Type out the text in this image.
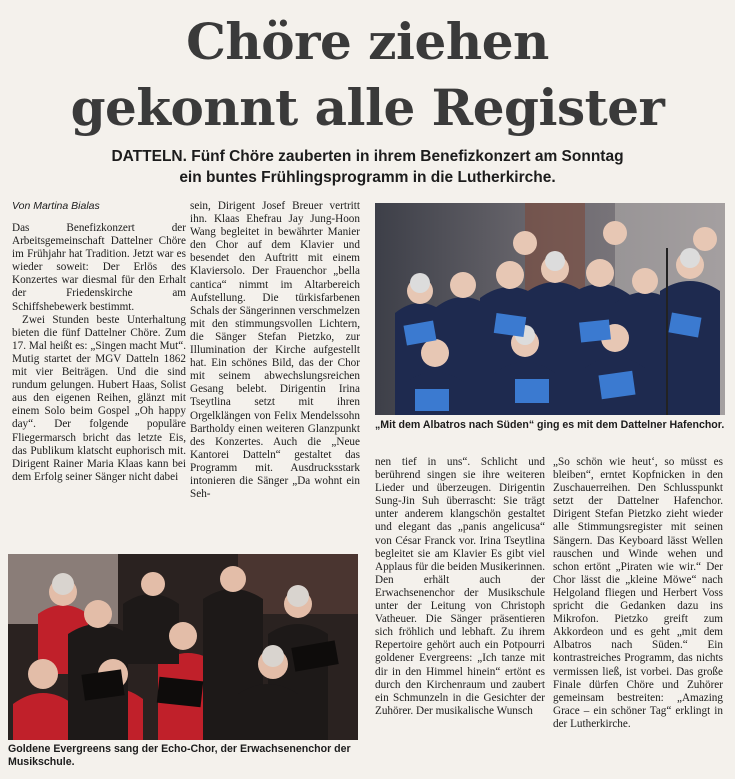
Chöre ziehen
gekonnt alle Register
DATTELN. Fünf Chöre zauberten in ihrem Benefizkonzert am Sonntag
ein buntes Frühlingsprogramm in die Lutherkirche.
Von Martina Bialas

Das Benefizkonzert der Arbeitsgemeinschaft Dattelner Chöre im Frühjahr hat Tradition. Jetzt war es wieder soweit: Der Erlös des Konzertes war diesmal für den Erhalt der Friedenskirche am Schiffshebewerk bestimmt.

Zwei Stunden beste Unterhaltung bieten die fünf Dattelner Chöre. Zum 17. Mal heißt es: „Singen macht Mut“. Mutig startet der MGV Datteln 1862 mit vier Beiträgen. Und die sind rundum gelungen. Hubert Haas, Solist aus den eigenen Reihen, glänzt mit einem Solo beim Gospel „Oh happy day“. Der folgende populäre Fliegermarsch bricht das letzte Eis, das Publikum klatscht euphorisch mit. Dirigent Rainer Maria Klaas kann bei dem Erfolg seiner Sänger nicht dabei

sein, Dirigent Josef Breuer vertritt ihn. Klaas Ehefrau Jay Jung-Hoon Wang begleitet in bewährter Manier den Chor auf dem Klavier und besendet den Auftritt mit einem Klaviersolo. Der Frauenchor „bella cantica“ nimmt im Altarbereich Aufstellung. Die türkisfarbenen Schals der Sängerinnen verschmelzen mit den stimmungsvollen Lichtern, die Sänger Stefan Pietzko, zur Illumination der Kirche aufgestellt hat. Ein schönes Bild, das der Chor mit seinem abwechslungsreichen Gesang belebt. Dirigentin Irina Tseytlina setzt mit ihren Orgelklängen von Felix Mendelssohn Bartholdy einen weiteren Glanzpunkt des Konzertes. Auch die „Neue Kantorei Datteln“ gestaltet das Programm mit. Ausdrucksstark intonieren die Sänger „Da wohnt ein Seh-

nen tief in uns“. Schlicht und berührend singen sie ihre weiteren Lieder und überzeugen. Dirigentin Sung-Jin Suh überrascht: Sie trägt unter anderem klangschön gestaltet und elegant das „panis angelicusa“ von César Franck vor. Irina Tseytlina begleitet sie am Klavier Es gibt viel Applaus für die beiden Musikerinnen. Den erhält auch der Erwachsenenchor der Musikschule unter der Leitung von Christoph Vatheuer. Die Sänger präsentieren sich fröhlich und lebhaft. Zu ihrem Repertoire gehört auch ein Potpourri goldener Evergreens: „Ich tanze mit dir in den Himmel hinein“ ertönt es durch den Kirchenraum und zaubert ein Schmunzeln in die Gesichter der Zuhörer. Der musikalische Wunsch

„So schön wie heut‘, so müsst es bleiben“, erntet Kopfnicken in den Zuschauerreihen. Den Schlusspunkt setzt der Dattelner Hafenchor. Dirigent Stefan Pietzko zieht wieder alle Stimmungsregister mit seinen Sängern. Das Keyboard lässt Wellen rauschen und Winde wehen und schon ertönt „Piraten wie wir.“ Der Chor lässt die „kleine Möwe“ nach Helgoland fliegen und Herbert Voss spricht die Gedanken dazu ins Mikrofon. Pietzko greift zum Akkordeon und es geht „mit dem Albatros nach Süden.“ Ein kontrastreiches Programm, das nichts vermissen ließ, ist vorbei. Das große Finale dürfen Chöre und Zuhörer gemeinsam bestreiten: „Amazing Grace – ein schöner Tag“ erklingt in der Lutherkirche.

„Mit dem Albatros nach Süden“ ging es mit dem Dattelner Hafenchor.
Goldene Evergreens sang der Echo-Chor, der Erwachsenenchor der Musikschule.
